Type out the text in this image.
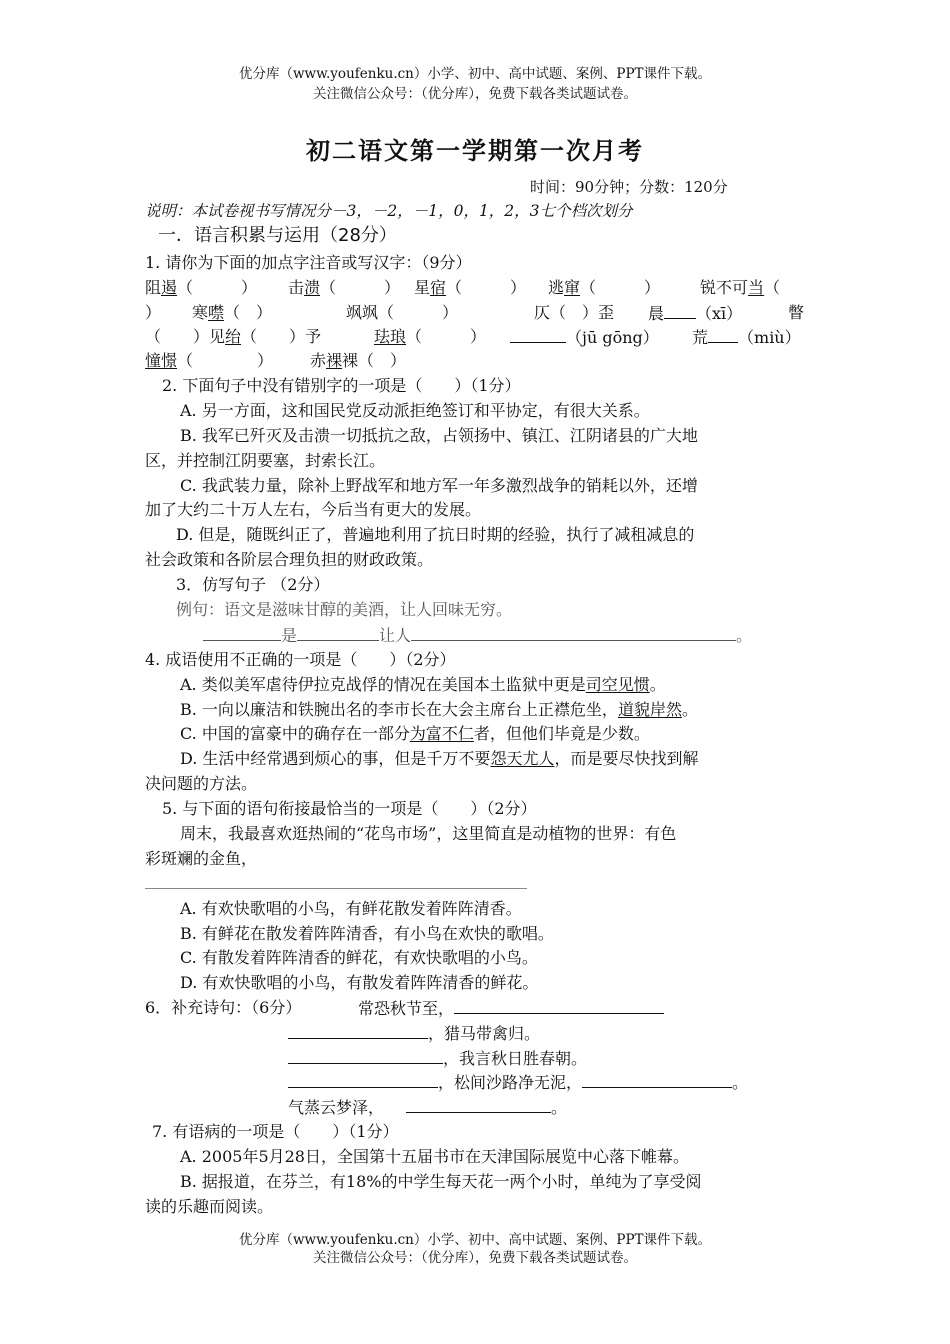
优分库（www.youfenku.cn）小学、初中、高中试题、案例、PPT课件下载。
关注微信公众号：（优分库），免费下载各类试题试卷。
初二语文第一学期第一次月考
时间：90分钟；分数：120分
说明：本试卷视书写情况分－3，－2，－1，0，1，2，3七个档次划分
一．语言积累与运用（28分）
1. 请你为下面的加点字注音或写汉字：（9分）
阻遏（　　　） 击溃（　　　） 星宿（　　　） 逃窜（　　　） 锐不可当（
） 寒噤（　）	飒飒（　　　）	仄（　）歪 晨 （xī）	瞥
（　　）见绐（　　）予	珐琅（　　　）	（jū gōng） 荒 （miù）
憧憬（　　　　） 赤裸裸（　）
2. 下面句子中没有错别字的一项是（　　）（1分）
A. 另一方面，这和国民党反动派拒绝签订和平协定，有很大关系。
B. 我军已歼灭及击溃一切抵抗之敌，占领扬中、镇江、江阴诸县的广大地
区，并控制江阴要塞，封索长江。
C. 我武装力量，除补上野战军和地方军一年多激烈战争的销耗以外，还增
加了大约二十万人左右，今后当有更大的发展。
D. 但是，随既纠正了，普遍地利用了抗日时期的经验，执行了减租减息的
社会政策和各阶层合理负担的财政政策。
3．仿写句子 （2分）
例句：语文是滋味甘醇的美酒，让人回味无穷。
是	让人	。
4. 成语使用不正确的一项是（　　）（2分）
A. 类似美军虐待伊拉克战俘的情况在美国本土监狱中更是司空见惯。
B. 一向以廉洁和铁腕出名的李市长在大会主席台上正襟危坐，道貌岸然。
C. 中国的富豪中的确存在一部分为富不仁者，但他们毕竟是少数。
D. 生活中经常遇到烦心的事，但是千万不要怨天尤人，而是要尽快找到解
决问题的方法。
5. 与下面的语句衔接最恰当的一项是（　　）（2分）
周末，我最喜欢逛热闹的“花鸟市场”，这里简直是动植物的世界：有色
彩斑斓的金鱼，
A. 有欢快歌唱的小鸟，有鲜花散发着阵阵清香。
B. 有鲜花在散发着阵阵清香，有小鸟在欢快的歌唱。
C. 有散发着阵阵清香的鲜花，有欢快歌唱的小鸟。
D. 有欢快歌唱的小鸟，有散发着阵阵清香的鲜花。
6．补充诗句：（6分）	常恐秋节至，
，猎马带禽归。
，我言秋日胜春朝。
，松间沙路净无泥，	。
气蒸云梦泽，	。
7. 有语病的一项是（　　）（1分）
A. 2005年5月28日，全国第十五届书市在天津国际展览中心落下帷幕。
B. 据报道，在芬兰，有18%的中学生每天花一两个小时，单纯为了享受阅
读的乐趣而阅读。
优分库（www.youfenku.cn）小学、初中、高中试题、案例、PPT课件下载。
关注微信公众号：（优分库），免费下载各类试题试卷。
